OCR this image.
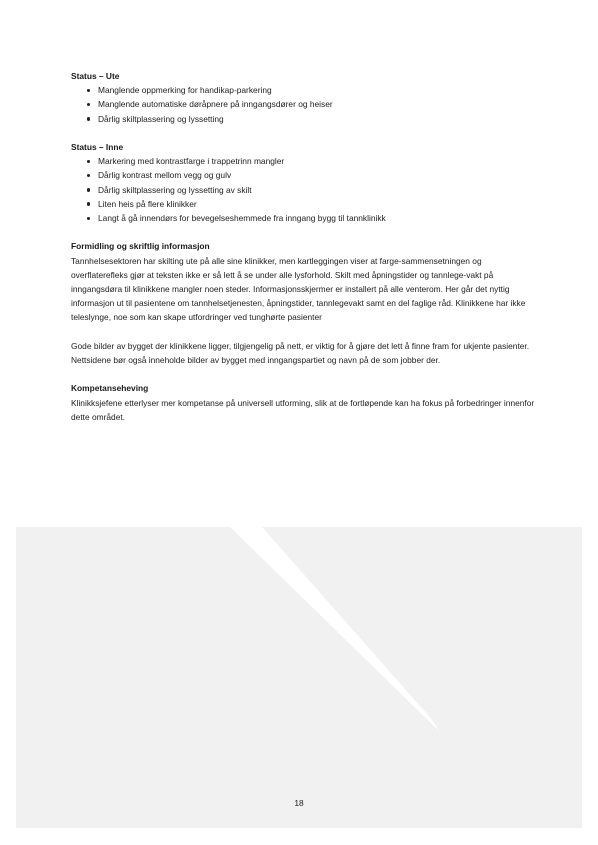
Status – Ute

Manglende oppmerking for handikap-parkering
Manglende automatiske døråpnere på inngangsdører og heiser
Dårlig skiltplassering og lyssetting

Status – Inne

Markering med kontrastfarge i trappetrinn mangler
Dårlig kontrast mellom vegg og gulv
Dårlig skiltplassering og lyssetting av skilt
Liten heis på flere klinikker
Langt å gå innendørs for bevegelseshemmede fra inngang bygg til tannklinikk

Formidling og skriftlig informasjon

Tannhelsesektoren har skilting ute på alle sine klinikker, men kartleggingen viser at farge-sammensetningen og overflaterefleks gjør at teksten ikke er så lett å se under alle lysforhold. Skilt med åpningstider og tannlege-vakt på inngangsdøra til klinikkene mangler noen steder. Informasjonsskjermer er installert på alle venterom. Her går det nyttig informasjon ut til pasientene om tannhelsetjenesten, åpningstider, tannlegevakt samt en del faglige råd. Klinikkene har ikke teleslynge, noe som kan skape utfordringer ved tunghørte pasienter

Gode bilder av bygget der klinikkene ligger, tilgjengelig på nett, er viktig for å gjøre det lett å finne fram for ukjente pasienter. Nettsidene bør også inneholde bilder av bygget med inngangspartiet og navn på de som jobber der.

Kompetanseheving

Klinikksjefene etterlyser mer kompetanse på universell utforming, slik at de fortløpende kan ha fokus på forbedringer innenfor dette området.

18
